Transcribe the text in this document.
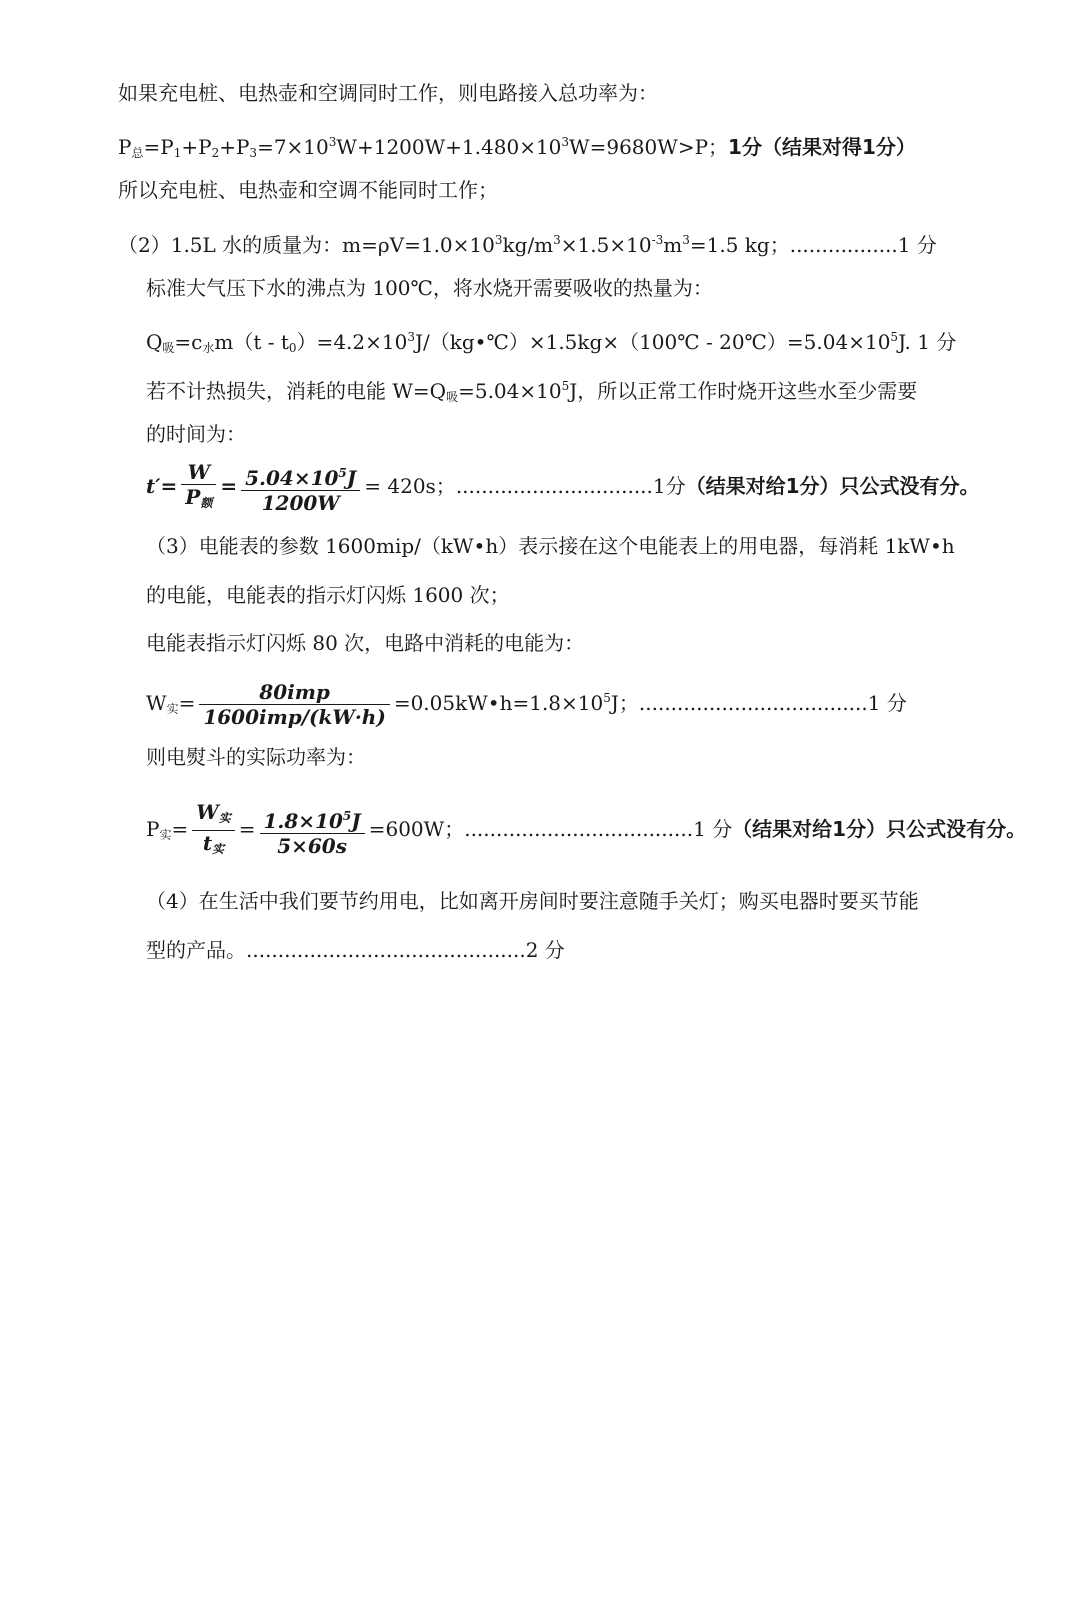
如果充电桩、电热壶和空调同时工作，则电路接入总功率为：
$P_总=P_1+P_2+P_3=7\times 10^3W+1200W+1.480\times 10^3W=9680W>P$；1分（结果对得1分）
所以充电桩、电热壶和空调不能同时工作；
（2）1.5L 水的质量为：$m=\rho V=1.0\times 10^3kg/m^3\times 1.5\times 10^{-3}m^3=1.5$ kg；.................1 分
标准大气压下水的沸点为 100℃，将水烧开需要吸收的热量为：
$Q_吸=c_水m(t$ - $t_0)=4.2\times 10^3J/(kg•℃)\times 1.5kg\times(100℃$ - $20℃)=5.04\times 10^5J$. 1 分
若不计热损失，消耗的电能 $W=Q_吸=5.04\times 10^5J$，所以正常工作时烧开这些水至少需要
的时间为：
$t'= \frac{W}{P_额} = \frac{5.04\times 10^5J}{1200W} = 420s$；...............................1分（结果对给1分）只公式没有分。
（3）电能表的参数 1600mip/（kW•h）表示接在这个电能表上的用电器，每消耗 1kW•h
的电能，电能表的指示灯闪烁 1600 次；
电能表指示灯闪烁 80 次，电路中消耗的电能为：
$W_实= \frac{\text{80imp}}{\text{1600imp/(kW·h)}}$ $=0.05kW•h=1.8\times 10^5J$；....................................1 分
则电熨斗的实际功率为：
$P_实= \frac{W_实}{t_实} = \frac{1.8\times 10^5J}{5\times 60s} =600W$；....................................1 分（结果对给1分）只公式没有分。
（4）在生活中我们要节约用电，比如离开房间时要注意随手关灯；购买电器时要买节能
型的产品。............................................2 分
